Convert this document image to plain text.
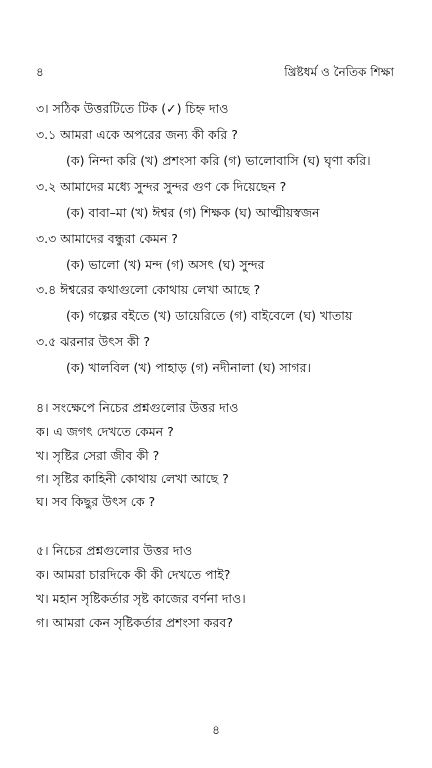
৪	খ্রিষ্টধর্ম ও নৈতিক শিক্ষা
৩। সঠিক উত্তরটিতে টিক (✓) চিহ্ন দাও
৩.১ আমরা একে অপরের জন্য কী করি ?
(ক) নিন্দা করি (খ) প্রশংসা করি (গ) ভালোবাসি (ঘ) ঘৃণা করি।
৩.২ আমাদের মধ্যে সুন্দর সুন্দর গুণ কে দিয়েছেন ?
(ক) বাবা–মা (খ) ঈশ্বর (গ) শিক্ষক (ঘ) আত্মীয়স্বজন
৩.৩ আমাদের বন্ধুরা কেমন ?
(ক) ভালো (খ) মন্দ (গ) অসৎ (ঘ) সুন্দর
৩.৪ ঈশ্বরের কথাগুলো কোথায় লেখা আছে ?
(ক) গল্পের বইতে (খ) ডায়েরিতে (গ) বাইবেলে (ঘ) খাতায়
৩.৫ ঝরনার উৎস কী ?
(ক) খালবিল (খ) পাহাড় (গ) নদীনালা (ঘ) সাগর।
৪। সংক্ষেপে নিচের প্রশ্নগুলোর উত্তর দাও
ক। এ জগৎ দেখতে কেমন ?
খ। সৃষ্টির সেরা জীব কী ?
গ। সৃষ্টির কাহিনী কোথায় লেখা আছে ?
ঘ। সব কিছুর উৎস কে ?
৫। নিচের প্রশ্নগুলোর উত্তর দাও
ক। আমরা চারদিকে কী কী দেখতে পাই?
খ। মহান সৃষ্টিকর্তার সৃষ্ট কাজের বর্ণনা দাও।
গ। আমরা কেন সৃষ্টিকর্তার প্রশংসা করব?
৪
